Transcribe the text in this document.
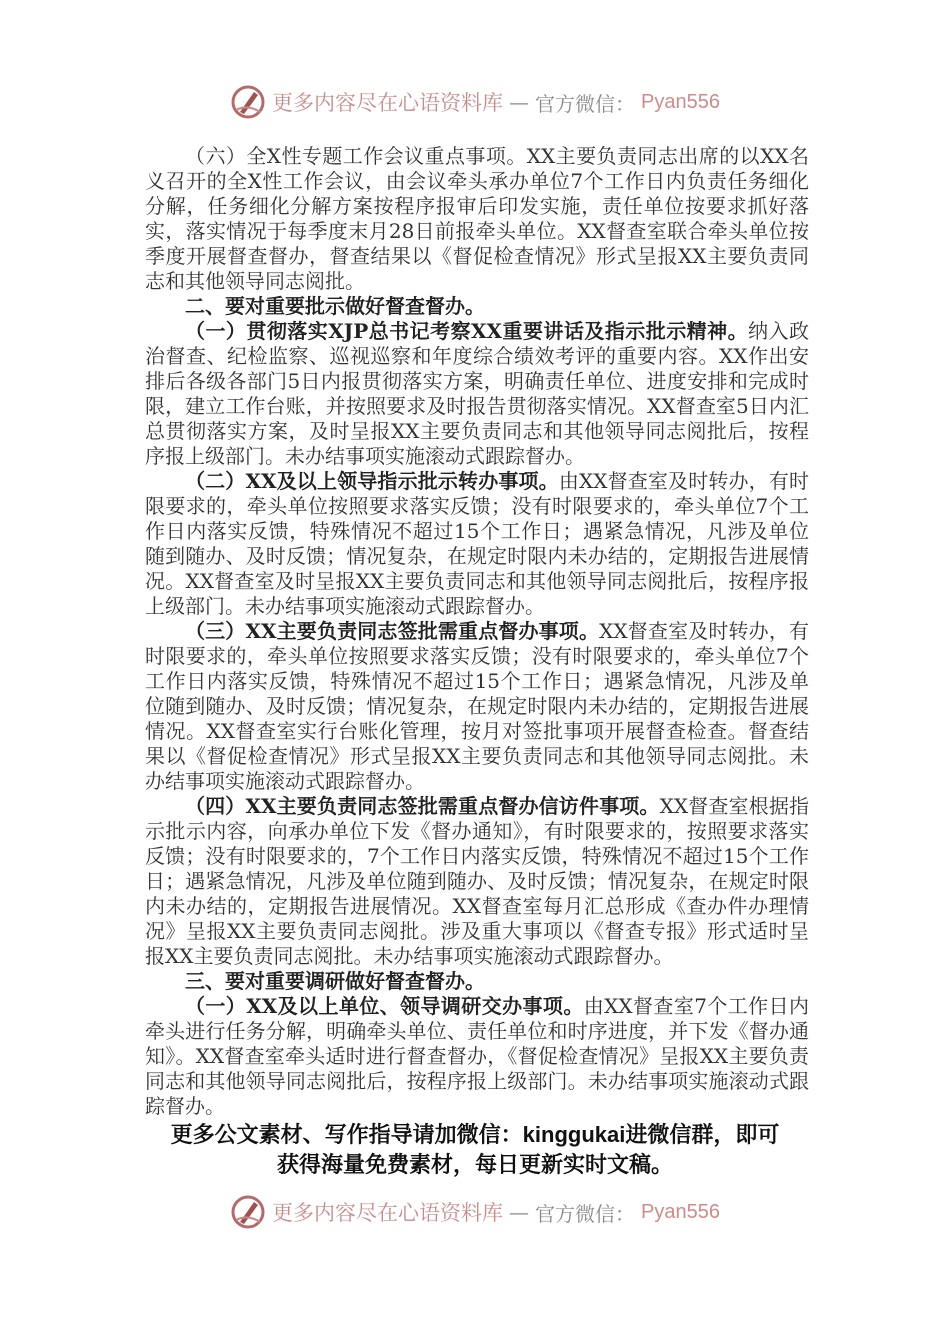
更多内容尽在心语资料库 — 官方微信： Pyan556

（六）全X性专题工作会议重点事项。XX主要负责同志出席的以XX名义召开的全X性工作会议，由会议牵头承办单位7个工作日内负责任务细化分解，任务细化分解方案按程序报审后印发实施，责任单位按要求抓好落实，落实情况于每季度末月28日前报牵头单位。XX督查室联合牵头单位按季度开展督查督办，督查结果以《督促检查情况》形式呈报XX主要负责同志和其他领导同志阅批。

二、要对重要批示做好督查督办。

（一）贯彻落实XJP总书记考察XX重要讲话及指示批示精神。纳入政治督查、纪检监察、巡视巡察和年度综合绩效考评的重要内容。XX作出安排后各级各部门5日内报贯彻落实方案，明确责任单位、进度安排和完成时限，建立工作台账，并按照要求及时报告贯彻落实情况。XX督查室5日内汇总贯彻落实方案，及时呈报XX主要负责同志和其他领导同志阅批后，按程序报上级部门。未办结事项实施滚动式跟踪督办。

（二）XX及以上领导指示批示转办事项。由XX督查室及时转办，有时限要求的，牵头单位按照要求落实反馈；没有时限要求的，牵头单位7个工作日内落实反馈，特殊情况不超过15个工作日；遇紧急情况，凡涉及单位随到随办、及时反馈；情况复杂，在规定时限内未办结的，定期报告进展情况。XX督查室及时呈报XX主要负责同志和其他领导同志阅批后，按程序报上级部门。未办结事项实施滚动式跟踪督办。

（三）XX主要负责同志签批需重点督办事项。XX督查室及时转办，有时限要求的，牵头单位按照要求落实反馈；没有时限要求的，牵头单位7个工作日内落实反馈，特殊情况不超过15个工作日；遇紧急情况，凡涉及单位随到随办、及时反馈；情况复杂，在规定时限内未办结的，定期报告进展情况。XX督查室实行台账化管理，按月对签批事项开展督查检查。督查结果以《督促检查情况》形式呈报XX主要负责同志和其他领导同志阅批。未办结事项实施滚动式跟踪督办。

（四）XX主要负责同志签批需重点督办信访件事项。XX督查室根据指示批示内容，向承办单位下发《督办通知》，有时限要求的，按照要求落实反馈；没有时限要求的，7个工作日内落实反馈，特殊情况不超过15个工作日；遇紧急情况，凡涉及单位随到随办、及时反馈；情况复杂，在规定时限内未办结的，定期报告进展情况。XX督查室每月汇总形成《查办件办理情况》呈报XX主要负责同志阅批。涉及重大事项以《督查专报》形式适时呈报XX主要负责同志阅批。未办结事项实施滚动式跟踪督办。

三、要对重要调研做好督查督办。

（一）XX及以上单位、领导调研交办事项。由XX督查室7个工作日内牵头进行任务分解，明确牵头单位、责任单位和时序进度，并下发《督办通知》。XX督查室牵头适时进行督查督办，《督促检查情况》呈报XX主要负责同志和其他领导同志阅批后，按程序报上级部门。未办结事项实施滚动式跟踪督办。

更多公文素材、写作指导请加微信：kinggukai进微信群，即可
获得海量免费素材，每日更新实时文稿。
更多内容尽在心语资料库 — 官方微信： Pyan556
